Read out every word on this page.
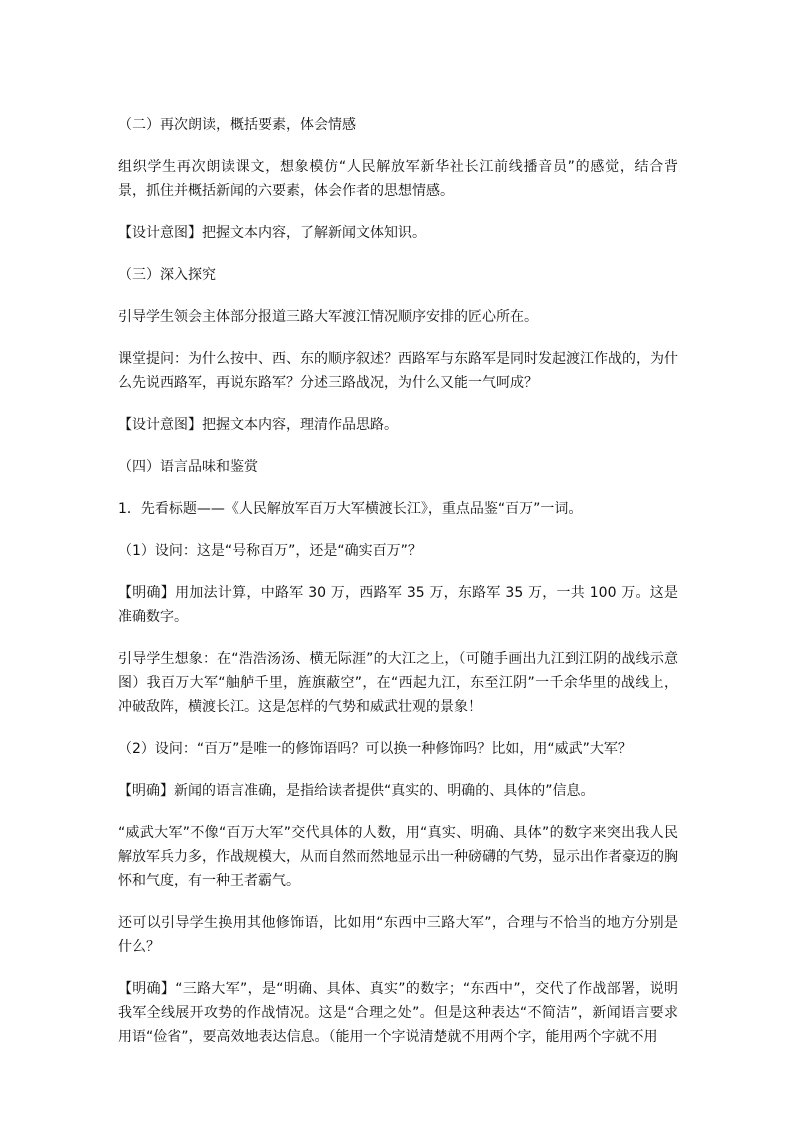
（二）再次朗读，概括要素，体会情感

组织学生再次朗读课文，想象模仿“人民解放军新华社长江前线播音员”的感觉，结合背景，抓住并概括新闻的六要素，体会作者的思想情感。

【设计意图】把握文本内容，了解新闻文体知识。

（三）深入探究

引导学生领会主体部分报道三路大军渡江情况顺序安排的匠心所在。

课堂提问：为什么按中、西、东的顺序叙述？西路军与东路军是同时发起渡江作战的，为什么先说西路军，再说东路军？分述三路战况，为什么又能一气呵成？

【设计意图】把握文本内容，理清作品思路。

（四）语言品味和鉴赏

1．先看标题——《人民解放军百万大军横渡长江》，重点品鉴“百万”一词。

（1）设问：这是“号称百万”，还是“确实百万”？

【明确】用加法计算，中路军 30 万，西路军 35 万，东路军 35 万，一共 100 万。这是准确数字。

引导学生想象：在“浩浩汤汤、横无际涯”的大江之上，（可随手画出九江到江阴的战线示意图）我百万大军“舳舻千里，旌旗蔽空”，在“西起九江，东至江阴”一千余华里的战线上，冲破敌阵，横渡长江。这是怎样的气势和威武壮观的景象！

（2）设问：“百万”是唯一的修饰语吗？可以换一种修饰吗？比如，用“威武”大军？

【明确】新闻的语言准确，是指给读者提供“真实的、明确的、具体的”信息。

“威武大军”不像“百万大军”交代具体的人数，用“真实、明确、具体”的数字来突出我人民解放军兵力多，作战规模大，从而自然而然地显示出一种磅礴的气势，显示出作者豪迈的胸怀和气度，有一种王者霸气。

还可以引导学生换用其他修饰语，比如用“东西中三路大军”，合理与不恰当的地方分别是什么？

【明确】“三路大军”，是“明确、具体、真实”的数字；“东西中”，交代了作战部署，说明我军全线展开攻势的作战情况。这是“合理之处”。但是这种表达“不简洁”，新闻语言要求用语“俭省”，要高效地表达信息。（能用一个字说清楚就不用两个字，能用两个字就不用
